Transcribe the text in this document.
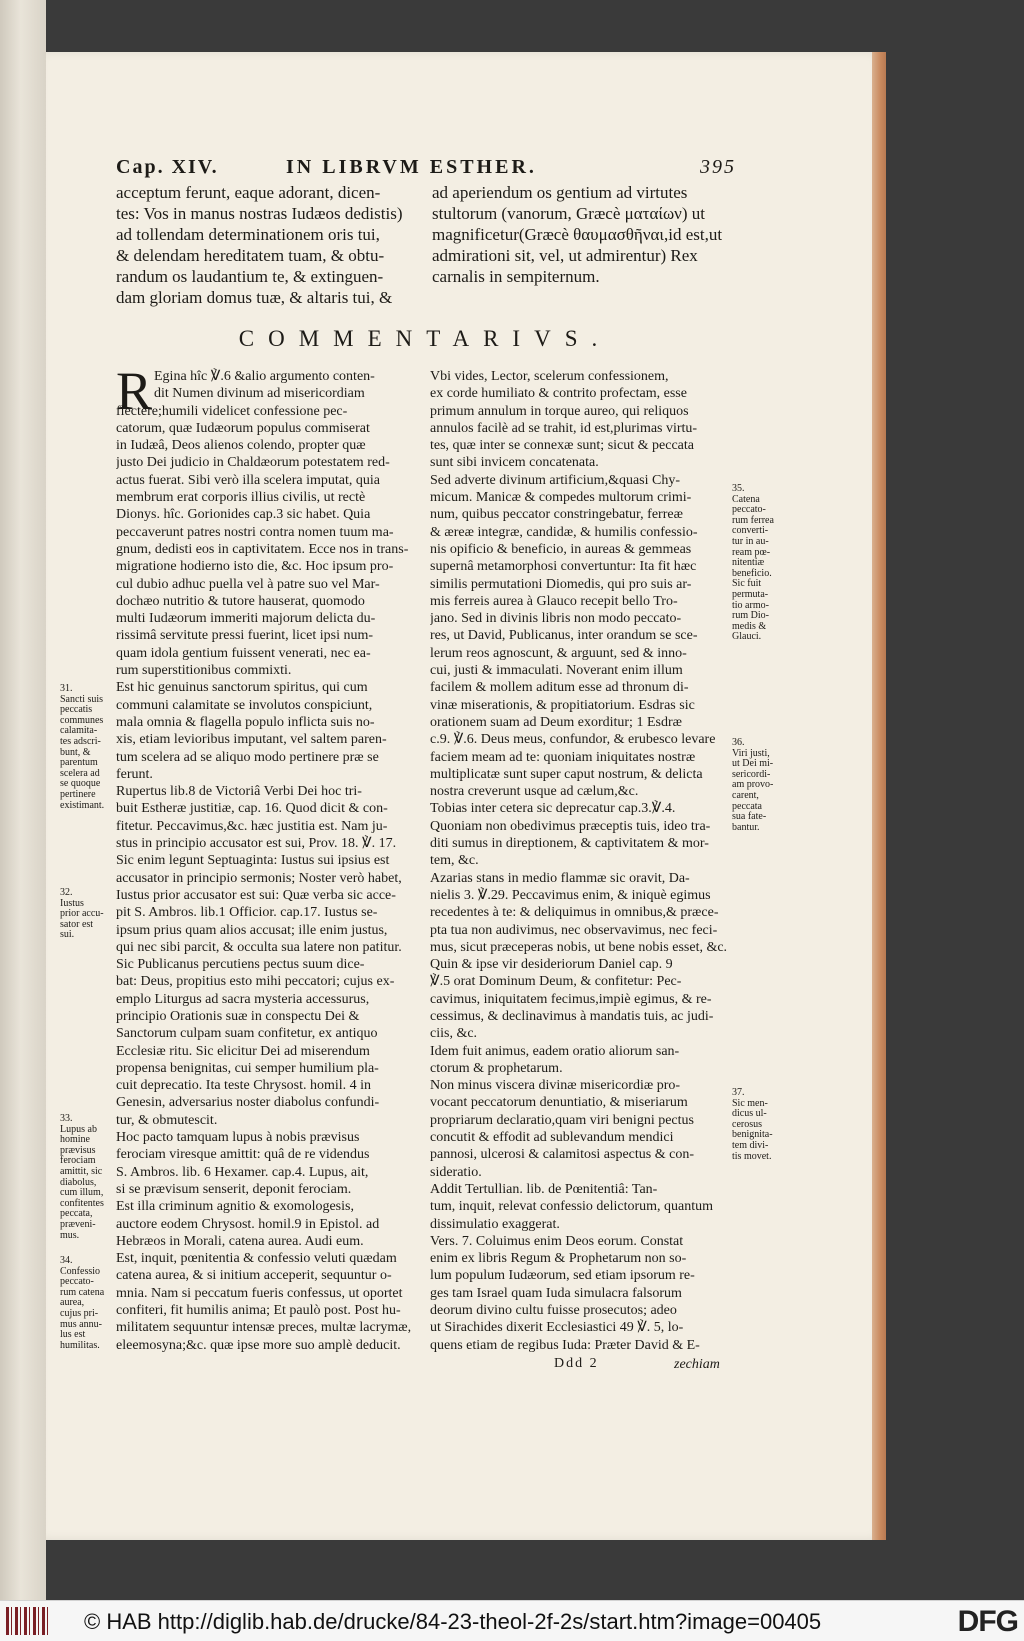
Cap. XIV.	IN LIBRVM ESTHER.	395
acceptum ferunt, eaque adorant, dicen-
tes: Vos in manus nostras Iudæos dedistis)
ad tollendam determinationem oris tui,
& delendam hereditatem tuam, & obtu-
randum os laudantium te, & extinguen-
dam gloriam domus tuæ, & altaris tui, &
ad aperiendum os gentium ad virtutes
stultorum (vanorum, Græcè ματαίων) ut
magnificetur(Græcè θαυμασθῆναι,id est,ut
admirationi sit, vel, ut admirentur) Rex
carnalis in sempiternum.
COMMENTARIVS.
R Egina hîc ℣.6 &alio argumento conten-
dit Numen divinum ad misericordiam
flectere;humili videlicet confessione pec-
catorum, quæ Iudæorum populus commiserat
in Iudæâ, Deos alienos colendo, propter quæ
justo Dei judicio in Chaldæorum potestatem red-
actus fuerat. Sibi verò illa scelera imputat, quia
membrum erat corporis illius civilis, ut rectè
Dionys. hîc. Gorionides cap.3 sic habet. Quia
peccaverunt patres nostri contra nomen tuum ma-
gnum, dedisti eos in captivitatem. Ecce nos in trans-
migratione hodierno isto die, &c. Hoc ipsum pro-
cul dubio adhuc puella vel à patre suo vel Mar-
dochæo nutritio & tutore hauserat, quomodo
multi Iudæorum immeriti majorum delicta du-
rissimâ servitute pressi fuerint, licet ipsi num-
quam idola gentium fuissent venerati, nec ea-
rum superstitionibus commixti.
Est hic genuinus sanctorum spiritus, qui cum
communi calamitate se involutos conspiciunt,
mala omnia & flagella populo inflicta suis no-
xis, etiam levioribus imputant, vel saltem paren-
tum scelera ad se aliquo modo pertinere præ se
ferunt.
Rupertus lib.8 de Victoriâ Verbi Dei hoc tri-
buit Estheræ justitiæ, cap. 16. Quod dicit & con-
fitetur. Peccavimus,&c. hæc justitia est. Nam ju-
stus in principio accusator est sui, Prov. 18. ℣. 17.
Sic enim legunt Septuaginta: Iustus sui ipsius est
accusator in principio sermonis; Noster verò habet,
Iustus prior accusator est sui: Quæ verba sic acce-
pit S. Ambros. lib.1 Officior. cap.17. Iustus se-
ipsum prius quam alios accusat; ille enim justus,
qui nec sibi parcit, & occulta sua latere non patitur.
Sic Publicanus percutiens pectus suum dice-
bat: Deus, propitius esto mihi peccatori; cujus ex-
emplo Liturgus ad sacra mysteria accessurus,
principio Orationis suæ in conspectu Dei &
Sanctorum culpam suam confitetur, ex antiquo
Ecclesiæ ritu. Sic elicitur Dei ad miserendum
propensa benignitas, cui semper humilium pla-
cuit deprecatio. Ita teste Chrysost. homil. 4 in
Genesin, adversarius noster diabolus confundi-
tur, & obmutescit.
Hoc pacto tamquam lupus à nobis prævisus
ferociam viresque amittit: quâ de re videndus
S. Ambros. lib. 6 Hexamer. cap.4. Lupus, ait,
si se prævisum senserit, deponit ferociam.
Est illa criminum agnitio & exomologesis,
auctore eodem Chrysost. homil.9 in Epistol. ad
Hebræos in Morali, catena aurea. Audi eum.
Est, inquit, pœnitentia & confessio veluti quædam
catena aurea, & si initium acceperit, sequuntur o-
mnia. Nam si peccatum fueris confessus, ut oportet
confiteri, fit humilis anima; Et paulò post. Post hu-
militatem sequuntur intensæ preces, multæ lacrymæ,
eleemosyna;&c. quæ ipse more suo amplè deducit.
Vbi vides, Lector, scelerum confessionem,
ex corde humiliato & contrito profectam, esse
primum annulum in torque aureo, qui reliquos
annulos facilè ad se trahit, id est,plurimas virtu-
tes, quæ inter se connexæ sunt; sicut & peccata
sunt sibi invicem concatenata.
Sed adverte divinum artificium,&quasi Chy-
micum. Manicæ & compedes multorum crimi-
num, quibus peccator constringebatur, ferreæ
& æreæ integræ, candidæ, & humilis confessio-
nis opificio & beneficio, in aureas & gemmeas
supernâ metamorphosi convertuntur: Ita fit hæc
similis permutationi Diomedis, qui pro suis ar-
mis ferreis aurea à Glauco recepit bello Tro-
jano. Sed in divinis libris non modo peccato-
res, ut David, Publicanus, inter orandum se sce-
lerum reos agnoscunt, & arguunt, sed & inno-
cui, justi & immaculati. Noverant enim illum
facilem & mollem aditum esse ad thronum di-
vinæ miserationis, & propitiatorium. Esdras sic
orationem suam ad Deum exorditur; 1 Esdræ
c.9. ℣.6. Deus meus, confundor, & erubesco levare
faciem meam ad te: quoniam iniquitates nostræ
multiplicatæ sunt super caput nostrum, & delicta
nostra creverunt usque ad cælum,&c.
Tobias inter cetera sic deprecatur cap.3.℣.4.
Quoniam non obedivimus præceptis tuis, ideo tra-
diti sumus in direptionem, & captivitatem & mor-
tem, &c.
Azarias stans in medio flammæ sic oravit, Da-
nielis 3. ℣.29. Peccavimus enim, & iniquè egimus
recedentes à te: & deliquimus in omnibus,& præce-
pta tua non audivimus, nec observavimus, nec feci-
mus, sicut præceperas nobis, ut bene nobis esset, &c.
Quin & ipse vir desideriorum Daniel cap. 9
℣.5 orat Dominum Deum, & confitetur: Pec-
cavimus, iniquitatem fecimus,impiè egimus, & re-
cessimus, & declinavimus à mandatis tuis, ac judi-
ciis, &c.
Idem fuit animus, eadem oratio aliorum san-
ctorum & prophetarum.
Non minus viscera divinæ misericordiæ pro-
vocant peccatorum denuntiatio, & miseriarum
propriarum declaratio,quam viri benigni pectus
concutit & effodit ad sublevandum mendici
pannosi, ulcerosi & calamitosi aspectus & con-
sideratio.
Addit Tertullian. lib. de Pœnitentiâ: Tan-
tum, inquit, relevat confessio delictorum, quantum
dissimulatio exaggerat.
Vers. 7. Coluimus enim Deos eorum. Constat
enim ex libris Regum & Prophetarum non so-
lum populum Iudæorum, sed etiam ipsorum re-
ges tam Israel quam Iuda simulacra falsorum
deorum divino cultu fuisse prosecutos; adeo
ut Sirachides dixerit Ecclesiastici 49 ℣. 5, lo-
quens etiam de regibus Iuda: Præter David & E-
31.
Sancti suis
peccatis
communes
calamita-
tes adscri-
bunt, &
parentum
scelera ad
se quoque
pertinere
existimant.
32.
Iustus
prior accu-
sator est
sui.
33.
Lupus ab
homine
prævisus
ferociam
amittit, sic
diabolus,
cum illum,
confitentes
peccata,
præveni-
mus.
34.
Confessio
peccato-
rum catena
aurea,
cujus pri-
mus annu-
lus est
humilitas.
35.
Catena
peccato-
rum ferrea
converti-
tur in au-
ream pœ-
nitentiæ
beneficio.
Sic fuit
permuta-
tio armo-
rum Dio-
medis &
Glauci.
36.
Viri justi,
ut Dei mi-
sericordi-
am provo-
carent,
peccata
sua fate-
bantur.
37.
Sic men-
dicus ul-
cerosus
benignita-
tem divi-
tis movet.
Ddd 2	zechiam
© HAB http://diglib.hab.de/drucke/84-23-theol-2f-2s/start.htm?image=00405	DFG
